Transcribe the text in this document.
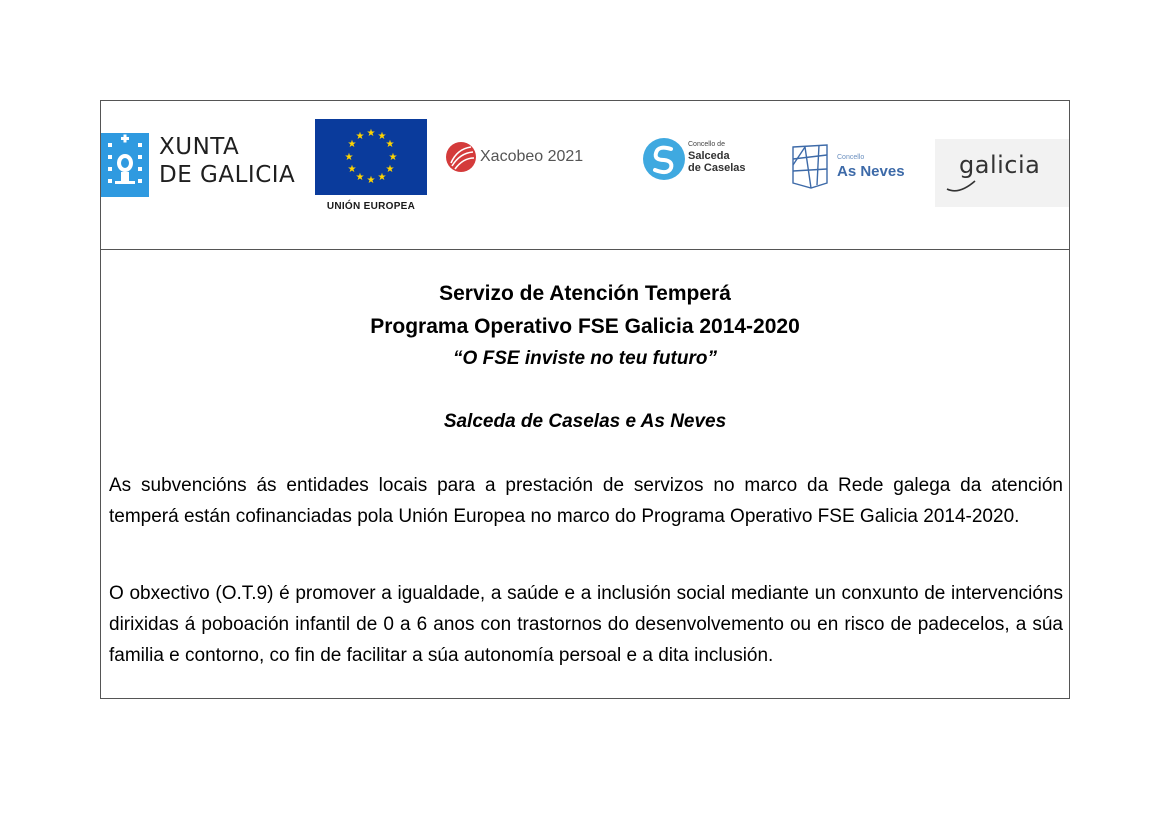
XUNTA
DE GALICIA
★ ★
★
★
★
★
★
★
★
★
★
★
UNIÓN EUROPEA
Xacobeo 2021
Concello de
Salceda
de Caselas
Concello
As Neves galicia
Servizo de Atención Temperá
Programa Operativo FSE Galicia 2014-2020
“O FSE inviste no teu futuro”
Salceda de Caselas e As Neves

As subvencións ás entidades locais para a prestación de servizos no marco da Rede galega da atención temperá están cofinanciadas pola Unión Europea no marco do Programa Operativo FSE Galicia 2014-2020.

O obxectivo (O.T.9) é promover a igualdade, a saúde e a inclusión social mediante un conxunto de intervencións dirixidas á poboación infantil de 0 a 6 anos con trastornos do desenvolvemento ou en risco de padecelos, a súa familia e contorno, co fin de facilitar a súa autonomía persoal e a dita inclusión.
